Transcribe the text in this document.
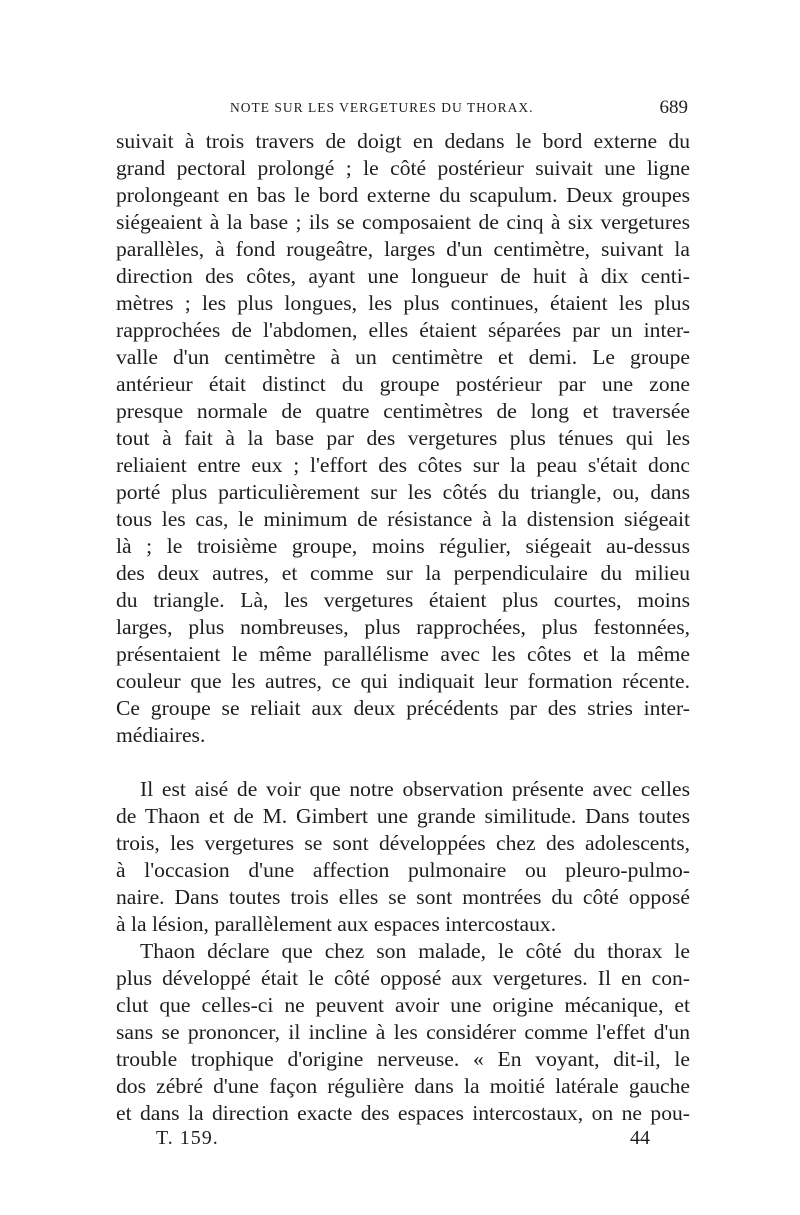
NOTE SUR LES VERGETURES DU THORAX.	689
suivait à trois travers de doigt en dedans le bord externe du
grand pectoral prolongé ; le côté postérieur suivait une ligne
prolongeant en bas le bord externe du scapulum. Deux groupes
siégeaient à la base ; ils se composaient de cinq à six vergetures
parallèles, à fond rougeâtre, larges d'un centimètre, suivant la
direction des côtes, ayant une longueur de huit à dix centi-
mètres ; les plus longues, les plus continues, étaient les plus
rapprochées de l'abdomen, elles étaient séparées par un inter-
valle d'un centimètre à un centimètre et demi. Le groupe
antérieur était distinct du groupe postérieur par une zone
presque normale de quatre centimètres de long et traversée
tout à fait à la base par des vergetures plus ténues qui les
reliaient entre eux ; l'effort des côtes sur la peau s'était donc
porté plus particulièrement sur les côtés du triangle, ou, dans
tous les cas, le minimum de résistance à la distension siégeait
là ; le troisième groupe, moins régulier, siégeait au-dessus
des deux autres, et comme sur la perpendiculaire du milieu
du triangle. Là, les vergetures étaient plus courtes, moins
larges, plus nombreuses, plus rapprochées, plus festonnées,
présentaient le même parallélisme avec les côtes et la même
couleur que les autres, ce qui indiquait leur formation récente.
Ce groupe se reliait aux deux précédents par des stries inter-
médiaires.
Il est aisé de voir que notre observation présente avec celles
de Thaon et de M. Gimbert une grande similitude. Dans toutes
trois, les vergetures se sont développées chez des adolescents,
à l'occasion d'une affection pulmonaire ou pleuro-pulmo-
naire. Dans toutes trois elles se sont montrées du côté opposé
à la lésion, parallèlement aux espaces intercostaux.
Thaon déclare que chez son malade, le côté du thorax le
plus développé était le côté opposé aux vergetures. Il en con-
clut que celles-ci ne peuvent avoir une origine mécanique, et
sans se prononcer, il incline à les considérer comme l'effet d'un
trouble trophique d'origine nerveuse. « En voyant, dit-il, le
dos zébré d'une façon régulière dans la moitié latérale gauche
et dans la direction exacte des espaces intercostaux, on ne pou-
T. 159.	44
